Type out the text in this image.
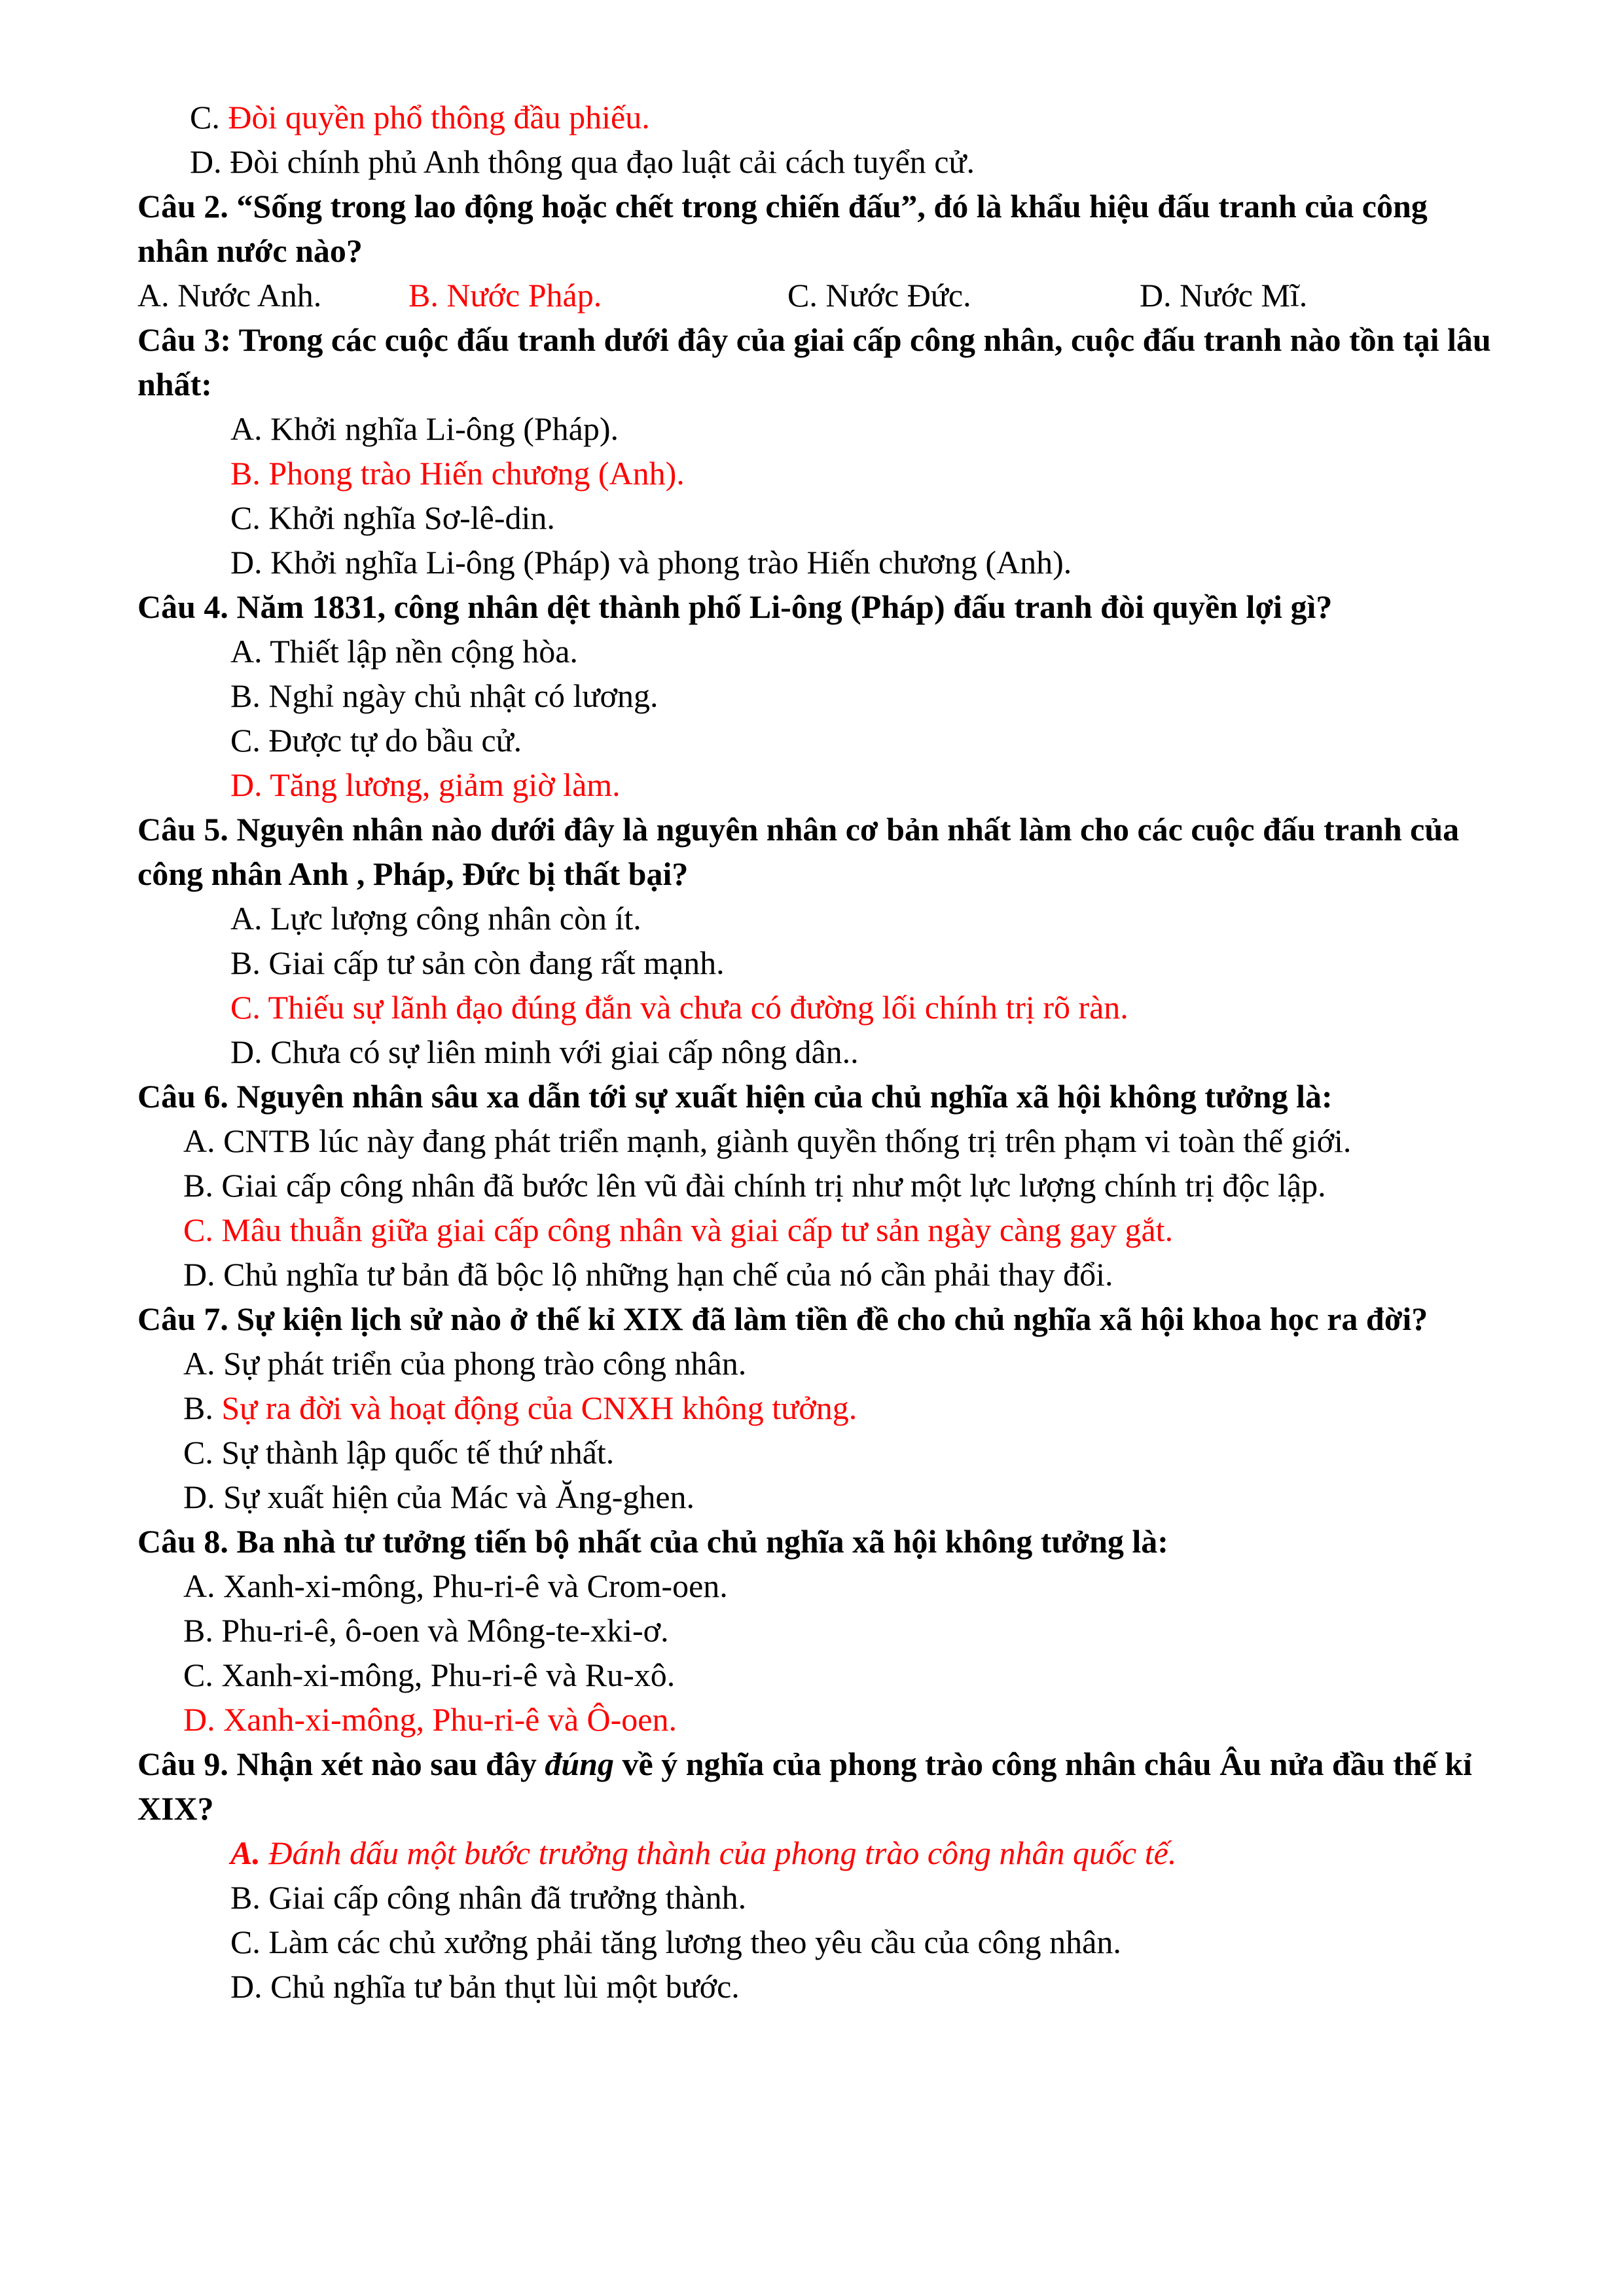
C. Đòi quyền phổ thông đầu phiếu.
D. Đòi chính phủ Anh thông qua đạo luật cải cách tuyển cử.
Câu 2. “Sống trong lao động hoặc chết trong chiến đấu”, đó là khẩu hiệu đấu tranh của công nhân nước nào?
A. Nước Anh.	B. Nước Pháp.	C. Nước Đức.	D. Nước Mĩ.
Câu 3: Trong các cuộc đấu tranh dưới đây của giai cấp công nhân, cuộc đấu tranh nào tồn tại lâu nhất:
A. Khởi nghĩa Li-ông (Pháp).
B. Phong trào Hiến chương (Anh).
C. Khởi nghĩa Sơ-lê-din.
D. Khởi nghĩa Li-ông (Pháp) và phong trào Hiến chương (Anh).
Câu 4. Năm 1831, công nhân dệt thành phố Li-ông (Pháp) đấu tranh đòi quyền lợi gì?
A. Thiết lập nền cộng hòa.
B. Nghỉ ngày chủ nhật có lương.
C. Được tự do bầu cử.
D. Tăng lương, giảm giờ làm.
Câu 5. Nguyên nhân nào dưới đây là nguyên nhân cơ bản nhất làm cho các cuộc đấu tranh của công nhân Anh , Pháp, Đức bị thất bại?
A. Lực lượng công nhân còn ít.
B. Giai cấp tư sản còn đang rất mạnh.
C. Thiếu sự lãnh đạo đúng đắn và chưa có đường lối chính trị rõ ràn.
D. Chưa có sự liên minh với giai cấp nông dân..
Câu 6. Nguyên nhân sâu xa dẫn tới sự xuất hiện của chủ nghĩa xã hội không tưởng là:
A. CNTB lúc này đang phát triển mạnh, giành quyền thống trị trên phạm vi toàn thế giới.
B. Giai cấp công nhân đã bước lên vũ đài chính trị như một lực lượng chính trị độc lập.
C. Mâu thuẫn giữa giai cấp công nhân và giai cấp tư sản ngày càng gay gắt.
D. Chủ nghĩa tư bản đã bộc lộ những hạn chế của nó cần phải thay đổi.
Câu 7. Sự kiện lịch sử nào ở thế kỉ XIX đã làm tiền đề cho chủ nghĩa xã hội khoa học ra đời?
A. Sự phát triển của phong trào công nhân.
B. Sự ra đời và hoạt động của CNXH không tưởng.
C. Sự thành lập quốc tế thứ nhất.
D. Sự xuất hiện của Mác và Ăng-ghen.
Câu 8. Ba nhà tư tưởng tiến bộ nhất của chủ nghĩa xã hội không tưởng là:
A. Xanh-xi-mông, Phu-ri-ê và Crom-oen.
B. Phu-ri-ê, ô-oen và Mông-te-xki-ơ.
C. Xanh-xi-mông, Phu-ri-ê và Ru-xô.
D. Xanh-xi-mông, Phu-ri-ê và Ô-oen.
Câu 9. Nhận xét nào sau đây đúng về ý nghĩa của phong trào công nhân châu Âu nửa đầu thế kỉ XIX?
A. Đánh dấu một bước trưởng thành của phong trào công nhân quốc tế.
B. Giai cấp công nhân đã trưởng thành.
C. Làm các chủ xưởng phải tăng lương theo yêu cầu của công nhân.
D. Chủ nghĩa tư bản thụt lùi một bước.
